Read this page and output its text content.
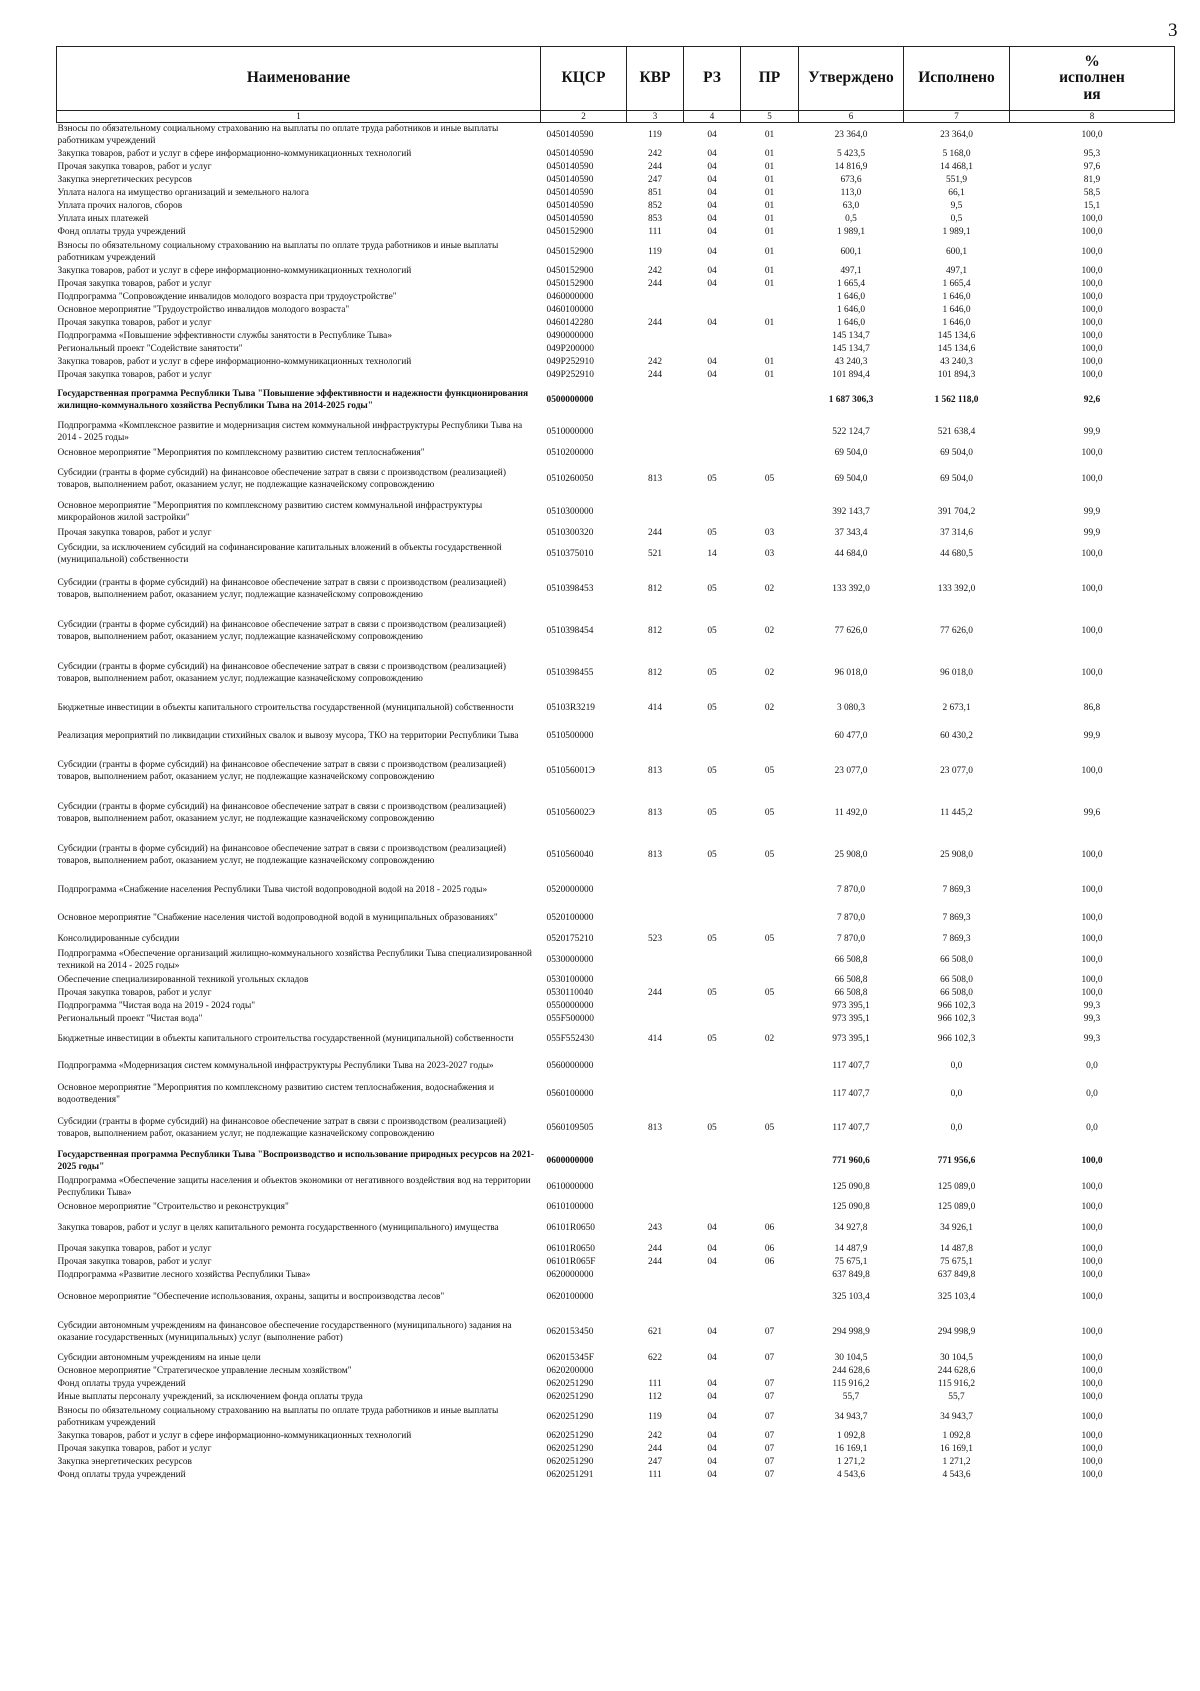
3
Наименование	КЦСР	КВР	РЗ	ПР	Утверждено	Исполнено	%
исполнен
ия

1	2	3	4	5	6	7	8
Взносы по обязательному социальному страхованию на выплаты по оплате труда работников и иные выплаты работникам учреждений	0450140590	119	04	01	23 364,0	23 364,0	100,0
Закупка товаров, работ и услуг в сфере информационно-коммуникационных технологий	0450140590	242	04	01	5 423,5	5 168,0	95,3
Прочая закупка товаров, работ и услуг	0450140590	244	04	01	14 816,9	14 468,1	97,6
Закупка энергетических ресурсов	0450140590	247	04	01	673,6	551,9	81,9
Уплата налога на имущество организаций и земельного налога	0450140590	851	04	01	113,0	66,1	58,5
Уплата прочих налогов, сборов	0450140590	852	04	01	63,0	9,5	15,1
Уплата иных платежей	0450140590	853	04	01	0,5	0,5	100,0
Фонд оплаты труда учреждений	0450152900	111	04	01	1 989,1	1 989,1	100,0
Взносы по обязательному социальному страхованию на выплаты по оплате труда работников и иные выплаты работникам учреждений	0450152900	119	04	01	600,1	600,1	100,0
Закупка товаров, работ и услуг в сфере информационно-коммуникационных технологий	0450152900	242	04	01	497,1	497,1	100,0
Прочая закупка товаров, работ и услуг	0450152900	244	04	01	1 665,4	1 665,4	100,0
Подпрограмма "Сопровождение инвалидов молодого возраста при трудоустройстве"	0460000000				1 646,0	1 646,0	100,0
Основное мероприятие "Трудоустройство инвалидов молодого возраста"	0460100000				1 646,0	1 646,0	100,0
Прочая закупка товаров, работ и услуг	0460142280	244	04	01	1 646,0	1 646,0	100,0
Подпрограмма «Повышение эффективности службы занятости в Республике Тыва»	0490000000				145 134,7	145 134,6	100,0
Региональный проект "Содействие занятости"	049P200000				145 134,7	145 134,6	100,0
Закупка товаров, работ и услуг в сфере информационно-коммуникационных технологий	049P252910	242	04	01	43 240,3	43 240,3	100,0
Прочая закупка товаров, работ и услуг	049P252910	244	04	01	101 894,4	101 894,3	100,0
Государственная программа Республики Тыва "Повышение эффективности и надежности функционирования жилищно-коммунального хозяйства Республики Тыва на 2014-2025 годы"	0500000000				1 687 306,3	1 562 118,0	92,6
Подпрограмма «Комплексное развитие и модернизация систем коммунальной инфраструктуры Республики Тыва на 2014 - 2025 годы»	0510000000				522 124,7	521 638,4	99,9
Основное мероприятие "Мероприятия по комплексному развитию систем теплоснабжения"	0510200000				69 504,0	69 504,0	100,0
Субсидии (гранты в форме субсидий) на финансовое обеспечение затрат в связи с производством (реализацией) товаров, выполнением работ, оказанием услуг, не подлежащие казначейскому сопровождению	0510260050	813	05	05	69 504,0	69 504,0	100,0
Основное мероприятие "Мероприятия по комплексному развитию систем коммунальной инфраструктуры микрорайонов жилой застройки"	0510300000				392 143,7	391 704,2	99,9
Прочая закупка товаров, работ и услуг	0510300320	244	05	03	37 343,4	37 314,6	99,9
Субсидии, за исключением субсидий на софинансирование капитальных вложений в объекты государственной (муниципальной) собственности	0510375010	521	14	03	44 684,0	44 680,5	100,0
Субсидии (гранты в форме субсидий) на финансовое обеспечение затрат в связи с производством (реализацией) товаров, выполнением работ, оказанием услуг, подлежащие казначейскому сопровождению	0510398453	812	05	02	133 392,0	133 392,0	100,0
Субсидии (гранты в форме субсидий) на финансовое обеспечение затрат в связи с производством (реализацией) товаров, выполнением работ, оказанием услуг, подлежащие казначейскому сопровождению	0510398454	812	05	02	77 626,0	77 626,0	100,0
Субсидии (гранты в форме субсидий) на финансовое обеспечение затрат в связи с производством (реализацией) товаров, выполнением работ, оказанием услуг, подлежащие казначейскому сопровождению	0510398455	812	05	02	96 018,0	96 018,0	100,0
Бюджетные инвестиции в объекты капитального строительства государственной (муниципальной) собственности	05103R3219	414	05	02	3 080,3	2 673,1	86,8
Реализация мероприятий по ликвидации стихийных свалок и вывозу мусора, ТКО на территории Республики Тыва	0510500000				60 477,0	60 430,2	99,9
Субсидии (гранты в форме субсидий) на финансовое обеспечение затрат в связи с производством (реализацией) товаров, выполнением работ, оказанием услуг, не подлежащие казначейскому сопровождению	051056001Э	813	05	05	23 077,0	23 077,0	100,0
Субсидии (гранты в форме субсидий) на финансовое обеспечение затрат в связи с производством (реализацией) товаров, выполнением работ, оказанием услуг, не подлежащие казначейскому сопровождению	051056002Э	813	05	05	11 492,0	11 445,2	99,6
Субсидии (гранты в форме субсидий) на финансовое обеспечение затрат в связи с производством (реализацией) товаров, выполнением работ, оказанием услуг, не подлежащие казначейскому сопровождению	0510560040	813	05	05	25 908,0	25 908,0	100,0
Подпрограмма «Снабжение населения Республики Тыва чистой водопроводной водой на 2018 - 2025 годы»	0520000000				7 870,0	7 869,3	100,0
Основное мероприятие "Снабжение населения чистой водопроводной водой в муниципальных образованиях"	0520100000				7 870,0	7 869,3	100,0
Консолидированные субсидии	0520175210	523	05	05	7 870,0	7 869,3	100,0
Подпрограмма «Обеспечение организаций жилищно-коммунального хозяйства Республики Тыва специализированной техникой на 2014 - 2025 годы»	0530000000				66 508,8	66 508,0	100,0
Обеспечение специализированной техникой угольных складов	0530100000				66 508,8	66 508,0	100,0
Прочая закупка товаров, работ и услуг	0530110040	244	05	05	66 508,8	66 508,0	100,0
Подпрограмма "Чистая вода на 2019 - 2024 годы"	0550000000				973 395,1	966 102,3	99,3
Региональный проект "Чистая вода"	055F500000				973 395,1	966 102,3	99,3
Бюджетные инвестиции в объекты капитального строительства государственной (муниципальной) собственности	055F552430	414	05	02	973 395,1	966 102,3	99,3
Подпрограмма «Модернизация систем коммунальной инфраструктуры Республики Тыва на 2023-2027 годы»	0560000000				117 407,7	0,0	0,0
Основное мероприятие "Мероприятия по комплексному развитию систем теплоснабжения, водоснабжения и водоотведения"	0560100000				117 407,7	0,0	0,0
Субсидии (гранты в форме субсидий) на финансовое обеспечение затрат в связи с производством (реализацией) товаров, выполнением работ, оказанием услуг, не подлежащие казначейскому сопровождению	0560109505	813	05	05	117 407,7	0,0	0,0
Государственная программа Республики Тыва "Воспроизводство и использование природных ресурсов на 2021-2025 годы"	0600000000				771 960,6	771 956,6	100,0
Подпрограмма «Обеспечение защиты населения и объектов экономики от негативного воздействия вод на территории Республики Тыва»	0610000000				125 090,8	125 089,0	100,0
Основное мероприятие "Строительство и реконструкция"	0610100000				125 090,8	125 089,0	100,0
Закупка товаров, работ и услуг в целях капитального ремонта государственного (муниципального) имущества	06101R0650	243	04	06	34 927,8	34 926,1	100,0
Прочая закупка товаров, работ и услуг	06101R0650	244	04	06	14 487,9	14 487,8	100,0
Прочая закупка товаров, работ и услуг	06101R065F	244	04	06	75 675,1	75 675,1	100,0
Подпрограмма «Развитие лесного хозяйства Республики Тыва»	0620000000				637 849,8	637 849,8	100,0
Основное мероприятие "Обеспечение использования, охраны, защиты и воспроизводства лесов"	0620100000				325 103,4	325 103,4	100,0
Субсидии автономным учреждениям на финансовое обеспечение государственного (муниципального) задания на оказание государственных (муниципальных) услуг (выполнение работ)	0620153450	621	04	07	294 998,9	294 998,9	100,0
Субсидии автономным учреждениям на иные цели	062015345F	622	04	07	30 104,5	30 104,5	100,0
Основное мероприятие "Стратегическое управление лесным хозяйством"	0620200000				244 628,6	244 628,6	100,0
Фонд оплаты труда учреждений	0620251290	111	04	07	115 916,2	115 916,2	100,0
Иные выплаты персоналу учреждений, за исключением фонда оплаты труда	0620251290	112	04	07	55,7	55,7	100,0
Взносы по обязательному социальному страхованию на выплаты по оплате труда работников и иные выплаты работникам учреждений	0620251290	119	04	07	34 943,7	34 943,7	100,0
Закупка товаров, работ и услуг в сфере информационно-коммуникационных технологий	0620251290	242	04	07	1 092,8	1 092,8	100,0
Прочая закупка товаров, работ и услуг	0620251290	244	04	07	16 169,1	16 169,1	100,0
Закупка энергетических ресурсов	0620251290	247	04	07	1 271,2	1 271,2	100,0
Фонд оплаты труда учреждений	0620251291	111	04	07	4 543,6	4 543,6	100,0
